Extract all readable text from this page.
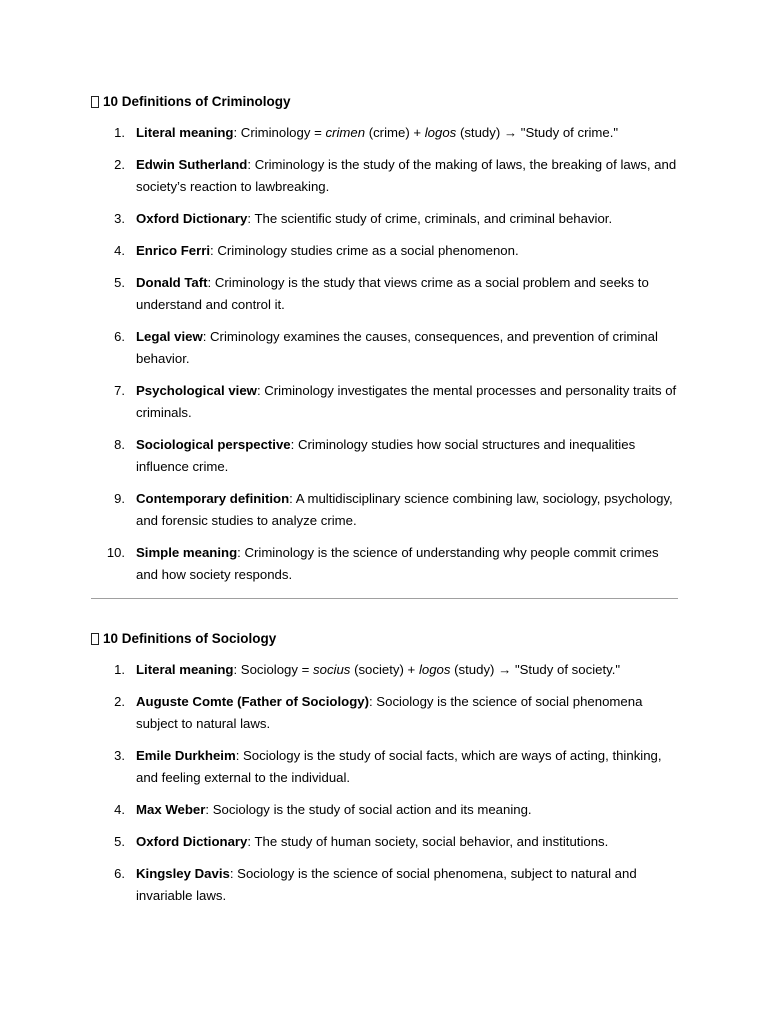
10 Definitions of Criminology
1. Literal meaning: Criminology = crimen (crime) + logos (study) → "Study of crime."
2. Edwin Sutherland: Criminology is the study of the making of laws, the breaking of laws, and society’s reaction to lawbreaking.
3. Oxford Dictionary: The scientific study of crime, criminals, and criminal behavior.
4. Enrico Ferri: Criminology studies crime as a social phenomenon.
5. Donald Taft: Criminology is the study that views crime as a social problem and seeks to understand and control it.
6. Legal view: Criminology examines the causes, consequences, and prevention of criminal behavior.
7. Psychological view: Criminology investigates the mental processes and personality traits of criminals.
8. Sociological perspective: Criminology studies how social structures and inequalities influence crime.
9. Contemporary definition: A multidisciplinary science combining law, sociology, psychology, and forensic studies to analyze crime.
10. Simple meaning: Criminology is the science of understanding why people commit crimes and how society responds.
10 Definitions of Sociology
1. Literal meaning: Sociology = socius (society) + logos (study) → "Study of society."
2. Auguste Comte (Father of Sociology): Sociology is the science of social phenomena subject to natural laws.
3. Emile Durkheim: Sociology is the study of social facts, which are ways of acting, thinking, and feeling external to the individual.
4. Max Weber: Sociology is the study of social action and its meaning.
5. Oxford Dictionary: The study of human society, social behavior, and institutions.
6. Kingsley Davis: Sociology is the science of social phenomena, subject to natural and invariable laws.
